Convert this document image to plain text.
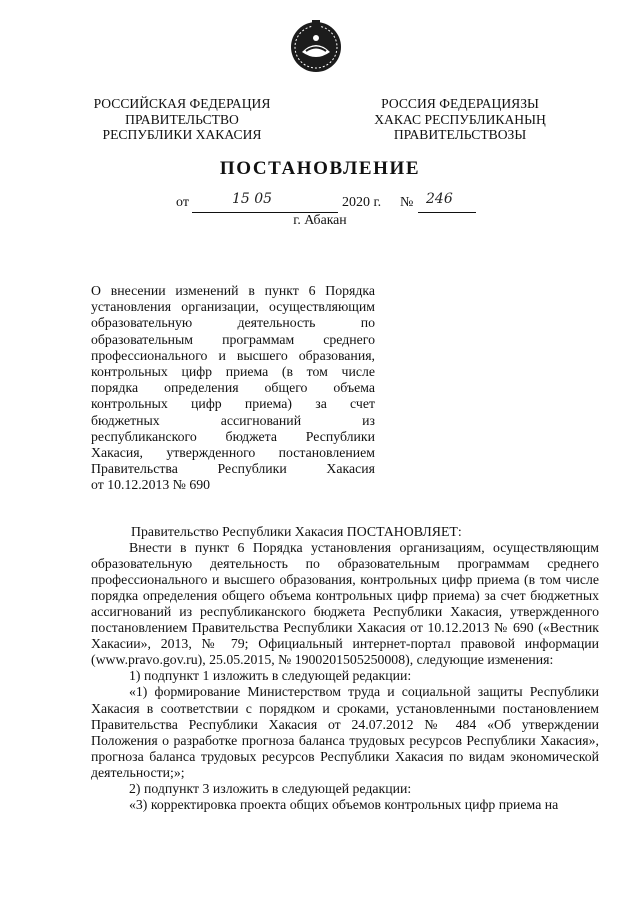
РОССИЙСКАЯ ФЕДЕРАЦИЯ
ПРАВИТЕЛЬСТВО
РЕСПУБЛИКИ ХАКАСИЯ
РОССИЯ ФЕДЕРАЦИЯЗЫ
ХАКАС РЕСПУБЛИКАНЫҢ
ПРАВИТЕЛЬСТВОЗЫ
ПОСТАНОВЛЕНИЕ
от	15 05	2020 г. № 246
г. Абакан
О внесении изменений в пункт 6 Порядка
установления организации, осуществляющим
образовательную деятельность по
образовательным программам среднего
профессионального и высшего образования,
контрольных цифр приема (в том числе
порядка определения общего объема
контрольных цифр приема) за счет
бюджетных ассигнований из
республиканского бюджета Республики
Хакасия, утвержденного постановлением
Правительства Республики Хакасия
от 10.12.2013 № 690

Правительство Республики Хакасия ПОСТАНОВЛЯЕТ:

Внести в пункт 6 Порядка установления организациям, осуществляющим образовательную деятельность по образовательным программам среднего профессионального и высшего образования, контрольных цифр приема (в том числе порядка определения общего объема контрольных цифр приема) за счет бюджетных ассигнований из республиканского бюджета Республики Хакасия, утвержденного постановлением Правительства Республики Хакасия от 10.12.2013 № 690 («Вестник Хакасии», 2013, № 79; Официальный интернет-портал правовой информации (www.pravo.gov.ru), 25.05.2015, № 1900201505250008), следующие изменения:

1) подпункт 1 изложить в следующей редакции:

«1) формирование Министерством труда и социальной защиты Республики Хакасия в соответствии с порядком и сроками, установленными постановлением Правительства Республики Хакасия от 24.07.2012 № 484 «Об утверждении Положения о разработке прогноза баланса трудовых ресурсов Республики Хакасия», прогноза баланса трудовых ресурсов Республики Хакасия по видам экономической деятельности;»;

2) подпункт 3 изложить в следующей редакции:

«3) корректировка проекта общих объемов контрольных цифр приема на
